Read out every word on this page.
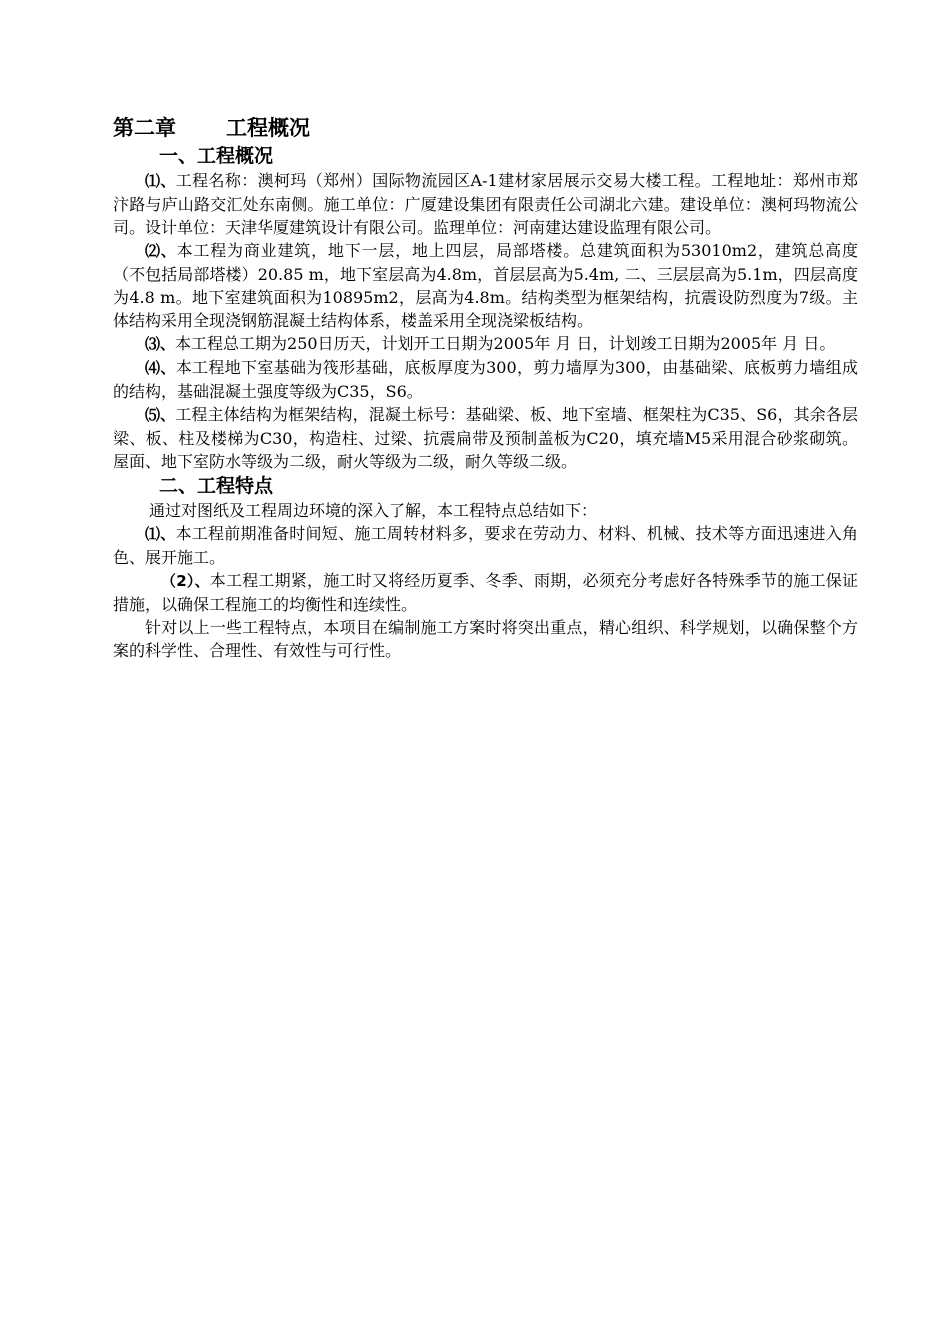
第二章 工程概况
一、工程概况

⑴、工程名称：澳柯玛（郑州）国际物流园区A-1建材家居展示交易大楼工程。工程地址：郑州市郑汴路与庐山路交汇处东南侧。施工单位：广厦建设集团有限责任公司湖北六建。建设单位：澳柯玛物流公司。设计单位：天津华厦建筑设计有限公司。监理单位：河南建达建设监理有限公司。

⑵、本工程为商业建筑，地下一层，地上四层，局部塔楼。总建筑面积为53010m2，建筑总高度（不包括局部塔楼）20.85 m，地下室层高为4.8m，首层层高为5.4m, 二、三层层高为5.1m，四层高度为4.8 m。地下室建筑面积为10895m2，层高为4.8m。结构类型为框架结构，抗震设防烈度为7级。主体结构采用全现浇钢筋混凝土结构体系，楼盖采用全现浇梁板结构。

⑶、本工程总工期为250日历天，计划开工日期为2005年 月 日，计划竣工日期为2005年 月 日。

⑷、本工程地下室基础为筏形基础，底板厚度为300，剪力墙厚为300，由基础梁、底板剪力墙组成的结构，基础混凝土强度等级为C35，S6。

⑸、工程主体结构为框架结构，混凝土标号：基础梁、板、地下室墙、框架柱为C35、S6，其余各层梁、板、柱及楼梯为C30，构造柱、过梁、抗震扁带及预制盖板为C20，填充墙M5采用混合砂浆砌筑。屋面、地下室防水等级为二级，耐火等级为二级，耐久等级二级。

二、工程特点

通过对图纸及工程周边环境的深入了解，本工程特点总结如下：

⑴、本工程前期准备时间短、施工周转材料多，要求在劳动力、材料、机械、技术等方面迅速进入角色、展开施工。

（2）、本工程工期紧，施工时又将经历夏季、冬季、雨期，必须充分考虑好各特殊季节的施工保证措施，以确保工程施工的均衡性和连续性。

针对以上一些工程特点，本项目在编制施工方案时将突出重点，精心组织、科学规划，以确保整个方案的科学性、合理性、有效性与可行性。
